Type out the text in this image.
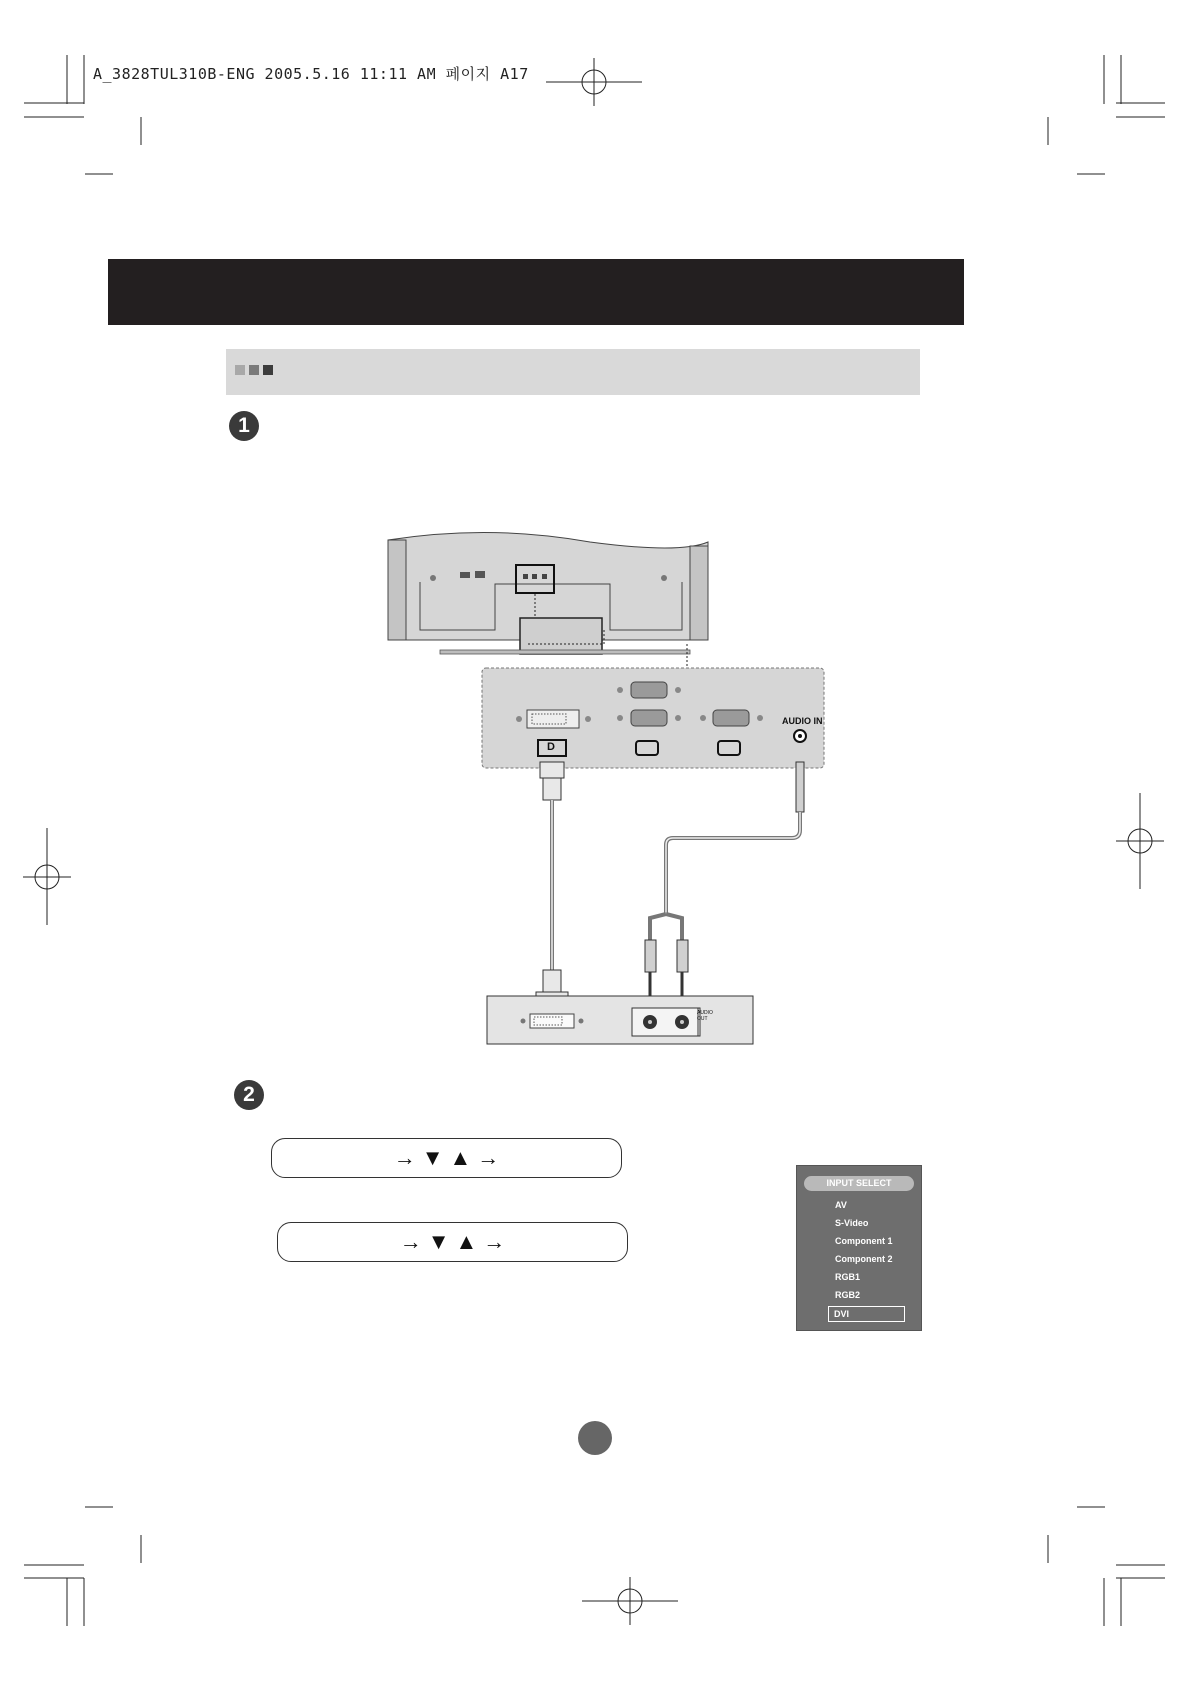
A_3828TUL310B-ENG 2005.5.16 11:11 AM 페이지 A17
1
AUDIO IN
D
AUDIO OUT
2
→ ▼ ▲ →
→ ▼ ▲ →
INPUT SELECT
AV
S-Video
Component 1
Component 2
RGB1
RGB2
DVI
